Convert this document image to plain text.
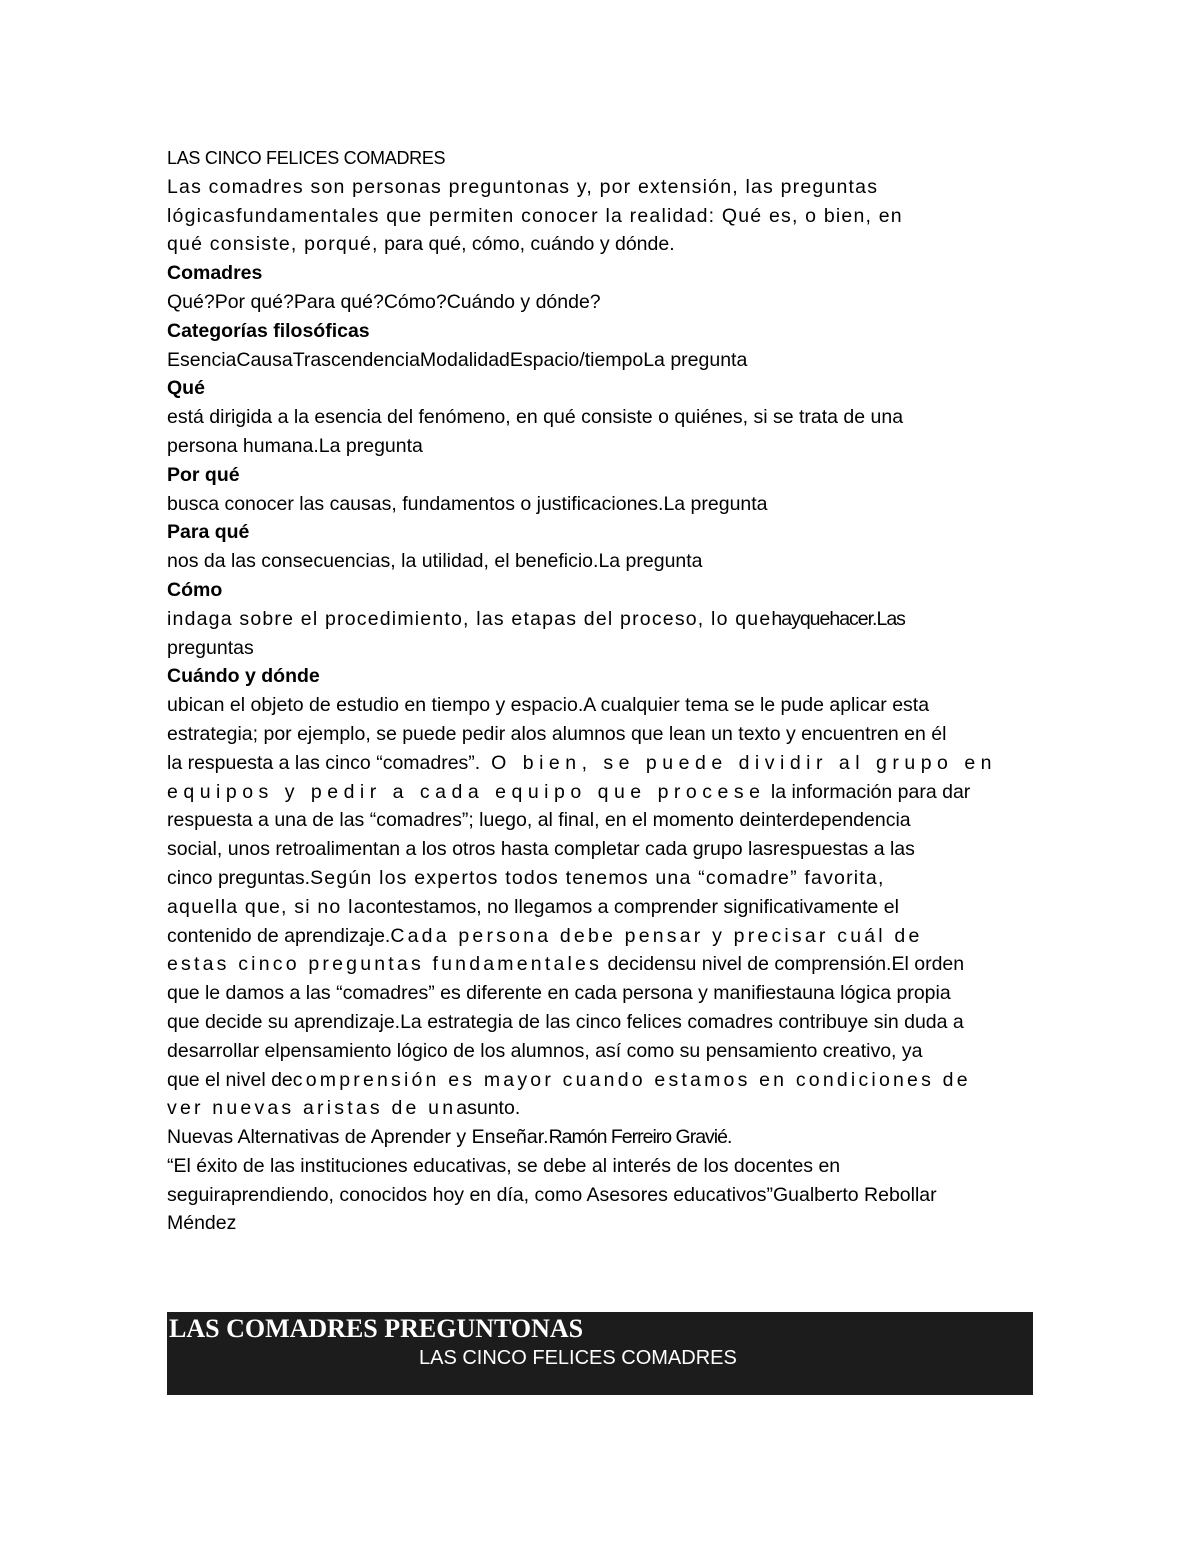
LAS CINCO FELICES COMADRES

Las comadres son personas preguntonas y, por extensión, las preguntas

lógicasfundamentales que permiten conocer la realidad: Qué es, o bien, en

qué consiste, porqué, para qué, cómo, cuándo y dónde.

Comadres

Qué?Por qué?Para qué?Cómo?Cuándo y dónde?

Categorías filosóficas

EsenciaCausaTrascendenciaModalidadEspacio/tiempoLa pregunta

Qué

está dirigida a la esencia del fenómeno, en qué consiste o quiénes, si se trata de una

persona humana.La pregunta

Por qué

busca conocer las causas, fundamentos o justificaciones.La pregunta

Para qué

nos da las consecuencias, la utilidad, el beneficio.La pregunta

Cómo

indaga sobre el procedimiento, las etapas del proceso, lo quehayquehacer.Las

preguntas

Cuándo y dónde

ubican el objeto de estudio en tiempo y espacio.A cualquier tema se le pude aplicar esta

estrategia; por ejemplo, se puede pedir alos alumnos que lean un texto y encuentren en él

la respuesta a las cinco “comadres”. O bien, se puede dividir al grupo en

equipos y pedir a cada equipo que procese la información para dar

respuesta a una de las “comadres”; luego, al final, en el momento deinterdependencia

social, unos retroalimentan a los otros hasta completar cada grupo lasrespuestas a las

cinco preguntas.Según los expertos todos tenemos una “comadre” favorita,

aquella que, si no lacontestamos, no llegamos a comprender significativamente el

contenido de aprendizaje.Cada persona debe pensar y precisar cuál de

estas cinco preguntas fundamentales decidensu nivel de comprensión.El orden

que le damos a las “comadres” es diferente en cada persona y manifiestauna lógica propia

que decide su aprendizaje.La estrategia de las cinco felices comadres contribuye sin duda a

desarrollar elpensamiento lógico de los alumnos, así como su pensamiento creativo, ya

que el nivel decomprensión es mayor cuando estamos en condiciones de

ver nuevas aristas de unasunto.

Nuevas Alternativas de Aprender y Enseñar.Ramón Ferreiro Gravié.

“El éxito de las instituciones educativas, se debe al interés de los docentes en

seguiraprendiendo, conocidos hoy en día, como Asesores educativos”Gualberto Rebollar

Méndez

LAS COMADRES PREGUNTONAS
LAS CINCO FELICES COMADRES
